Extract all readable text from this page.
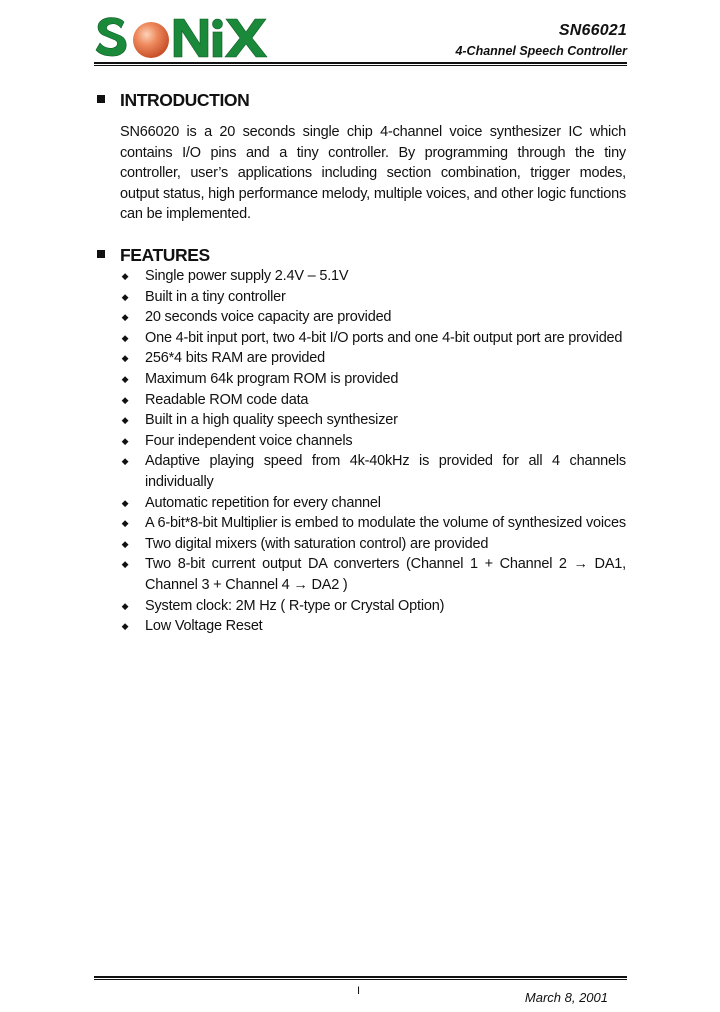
SN66021
4-Channel Speech Controller
INTRODUCTION
SN66020 is a 20 seconds single chip 4-channel voice synthesizer IC which contains I/O pins and a tiny controller. By programming through the tiny controller, user’s applications including section combination, trigger modes, output status, high performance melody, multiple voices, and other logic functions can be implemented.
FEATURES
◆ Single power supply 2.4V – 5.1V
◆ Built in a tiny controller
◆ 20 seconds voice capacity are provided
◆ One 4-bit input port, two 4-bit I/O ports and one 4-bit output port are provided
◆ 256*4 bits RAM are provided
◆ Maximum 64k program ROM is provided
◆ Readable ROM code data
◆ Built in a high quality speech synthesizer
◆ Four independent voice channels
◆ Adaptive playing speed from 4k-40kHz is provided for all 4 channels individually
◆ Automatic repetition for every channel
◆ A 6-bit*8-bit Multiplier is embed to modulate the volume of synthesized voices
◆ Two digital mixers (with saturation control) are provided
◆ Two 8-bit current output DA converters (Channel 1 + Channel 2 → DA1, Channel 3 + Channel 4 → DA2 )
◆ System clock: 2M Hz ( R-type or Crystal Option)
◆ Low Voltage Reset
I	March 8, 2001
